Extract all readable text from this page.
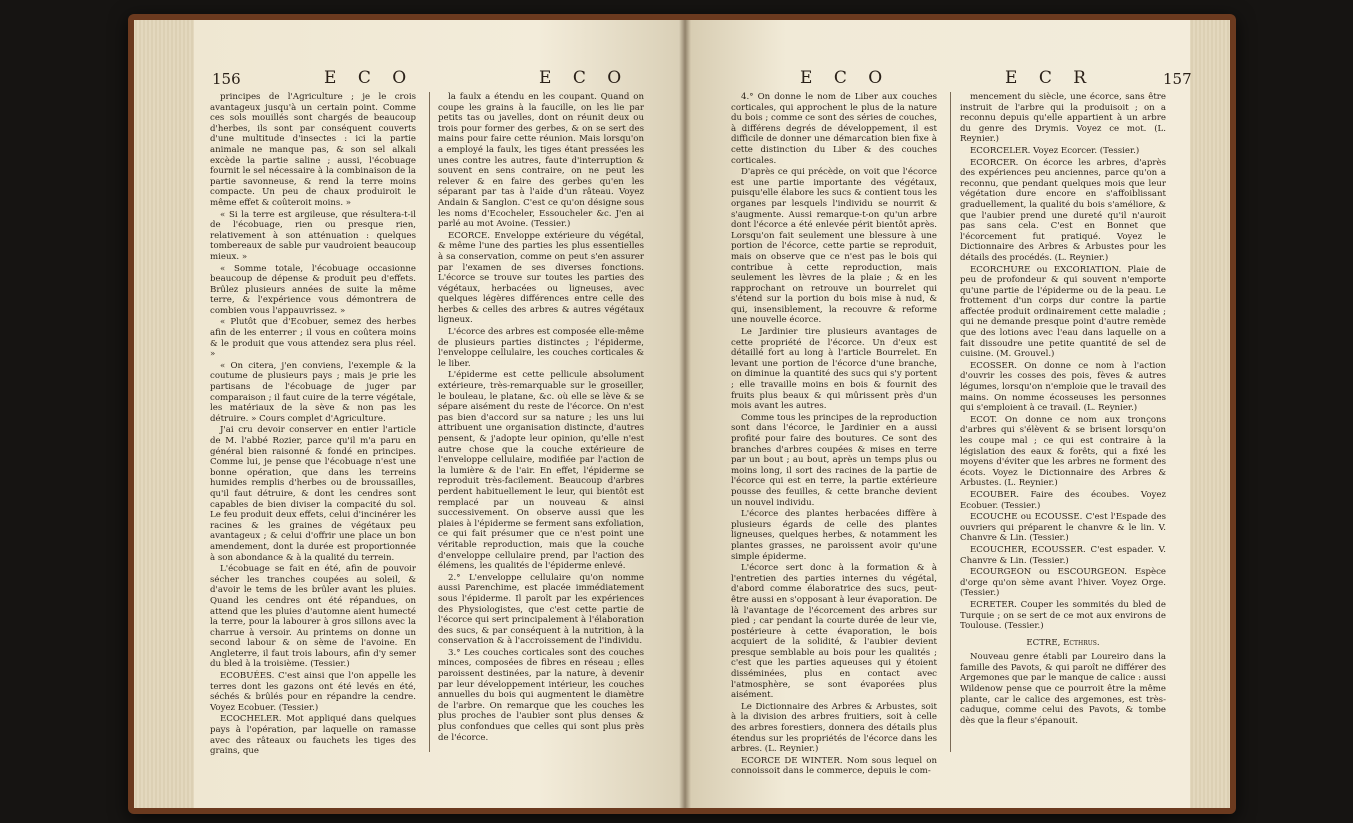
156	E C O	E C O

principes de l'Agriculture ; je le crois avantageux jusqu'à un certain point. Comme ces sols mouillés sont chargés de beaucoup d'herbes, ils sont par conséquent couverts d'une multitude d'insectes : ici la partie animale ne manque pas, & son sel alkali excède la partie saline ; aussi, l'écobuage fournit le sel nécessaire à la combinaison de la partie savonneuse, & rend la terre moins compacte. Un peu de chaux produiroit le même effet & coûteroit moins. »

« Si la terre est argileuse, que résultera-t-il de l'écobuage, rien ou presque rien, relativement à son atténuation : quelques tombereaux de sable pur vaudroient beaucoup mieux. »

« Somme totale, l'écobuage occasionne beaucoup de dépense & produit peu d'effets. Brûlez plusieurs années de suite la même terre, & l'expérience vous démontrera de combien vous l'appauvrissez. »

« Plutôt que d'Ecobuer, semez des herbes afin de les enterrer ; il vous en coûtera moins & le produit que vous attendez sera plus réel. »

« On citera, j'en conviens, l'exemple & la coutume de plusieurs pays ; mais je prie les partisans de l'écobuage de juger par comparaison ; il faut cuire de la terre végétale, les matériaux de la sève & non pas les détruire. » Cours complet d'Agriculture.

J'ai cru devoir conserver en entier l'article de M. l'abbé Rozier, parce qu'il m'a paru en général bien raisonné & fondé en principes. Comme lui, je pense que l'écobuage n'est une bonne opération, que dans les terreins humides remplis d'herbes ou de broussailles, qu'il faut détruire, & dont les cendres sont capables de bien diviser la compacité du sol. Le feu produit deux effets, celui d'incinérer les racines & les graines de végétaux peu avantageux ; & celui d'offrir une place un bon amendement, dont la durée est proportionnée à son abondance & à la qualité du terrein.

L'écobuage se fait en été, afin de pouvoir sécher les tranches coupées au soleil, & d'avoir le tems de les brûler avant les pluies. Quand les cendres ont été répandues, on attend que les pluies d'automne aient humecté la terre, pour la labourer à gros sillons avec la charrue à versoir. Au printems on donne un second labour & on sème de l'avoine. En Angleterre, il faut trois labours, afin d'y semer du bled à la troisième. (Tessier.)

ECOBUÉES. C'est ainsi que l'on appelle les terres dont les gazons ont été levés en été, séchés & brûlés pour en répandre la cendre. Voyez Ecobuer. (Tessier.)

ECOCHELER. Mot appliqué dans quelques pays à l'opération, par laquelle on ramasse avec des râteaux ou fauchets les tiges des grains, que

la faulx a étendu en les coupant. Quand on coupe les grains à la faucille, on les lie par petits tas ou javelles, dont on réunit deux ou trois pour former des gerbes, & on se sert des mains pour faire cette réunion. Mais lorsqu'on a employé la faulx, les tiges étant pressées les unes contre les autres, faute d'interruption & souvent en sens contraire, on ne peut les relever & en faire des gerbes qu'en les séparant par tas à l'aide d'un râteau. Voyez Andain & Sanglon. C'est ce qu'on désigne sous les noms d'Ecocheler, Essoucheler &c. J'en ai parlé au mot Avoine. (Tessier.)

ECORCE. Enveloppe extérieure du végétal, & même l'une des parties les plus essentielles à sa conservation, comme on peut s'en assurer par l'examen de ses diverses fonctions. L'écorce se trouve sur toutes les parties des végétaux, herbacées ou ligneuses, avec quelques légères différences entre celle des herbes & celles des arbres & autres végétaux ligneux.

L'écorce des arbres est composée elle-même de plusieurs parties distinctes ; l'épiderme, l'enveloppe cellulaire, les couches corticales & le liber.

L'épiderme est cette pellicule absolument extérieure, très-remarquable sur le groseiller, le bouleau, le platane, &c. où elle se lève & se sépare aisément du reste de l'écorce. On n'est pas bien d'accord sur sa nature ; les uns lui attribuent une organisation distincte, d'autres pensent, & j'adopte leur opinion, qu'elle n'est autre chose que la couche extérieure de l'enveloppe cellulaire, modifiée par l'action de la lumière & de l'air. En effet, l'épiderme se reproduit très-facilement. Beaucoup d'arbres perdent habituellement le leur, qui bientôt est remplacé par un nouveau & ainsi successivement. On observe aussi que les plaies à l'épiderme se ferment sans exfoliation, ce qui fait présumer que ce n'est point une véritable reproduction, mais que la couche d'enveloppe cellulaire prend, par l'action des élémens, les qualités de l'épiderme enlevé.

2.° L'enveloppe cellulaire qu'on nomme aussi Parenchime, est placée immédiatement sous l'épiderme. Il paroît par les expériences des Physiologistes, que c'est cette partie de l'écorce qui sert principalement à l'élaboration des sucs, & par conséquent à la nutrition, à la conservation & à l'accroissement de l'individu.

3.° Les couches corticales sont des couches minces, composées de fibres en réseau ; elles paroissent destinées, par la nature, à devenir par leur développement intérieur, les couches annuelles du bois qui augmentent le diamètre de l'arbre. On remarque que les couches les plus proches de l'aubier sont plus denses & plus confondues que celles qui sont plus près de l'écorce.

157
E C O	E C R

4.° On donne le nom de Liber aux couches corticales, qui approchent le plus de la nature du bois ; comme ce sont des séries de couches, à différens degrés de développement, il est difficile de donner une démarcation bien fixe à cette distinction du Liber & des couches corticales.

D'après ce qui précède, on voit que l'écorce est une partie importante des végétaux, puisqu'elle élabore les sucs & contient tous les organes par lesquels l'individu se nourrit & s'augmente. Aussi remarque-t-on qu'un arbre dont l'écorce a été enlevée périt bientôt après. Lorsqu'on fait seulement une blessure à une portion de l'écorce, cette partie se reproduit, mais on observe que ce n'est pas le bois qui contribue à cette reproduction, mais seulement les lèvres de la plaie ; & en les rapprochant on retrouve un bourrelet qui s'étend sur la portion du bois mise à nud, & qui, insensiblement, la recouvre & reforme une nouvelle écorce.

Le Jardinier tire plusieurs avantages de cette propriété de l'écorce. Un d'eux est détaillé fort au long à l'article Bourrelet. En levant une portion de l'écorce d'une branche, on diminue la quantité des sucs qui s'y portent ; elle travaille moins en bois & fournit des fruits plus beaux & qui mûrissent près d'un mois avant les autres.

Comme tous les principes de la reproduction sont dans l'écorce, le Jardinier en a aussi profité pour faire des boutures. Ce sont des branches d'arbres coupées & mises en terre par un bout ; au bout, après un temps plus ou moins long, il sort des racines de la partie de l'écorce qui est en terre, la partie extérieure pousse des feuilles, & cette branche devient un nouvel individu.

L'écorce des plantes herbacées diffère à plusieurs égards de celle des plantes ligneuses, quelques herbes, & notamment les plantes grasses, ne paroissent avoir qu'une simple épiderme.

L'écorce sert donc à la formation & à l'entretien des parties internes du végétal, d'abord comme élaboratrice des sucs, peut-être aussi en s'opposant à leur évaporation. De là l'avantage de l'écorcement des arbres sur pied ; car pendant la courte durée de leur vie, postérieure à cette évaporation, le bois acquiert de la solidité, & l'aubier devient presque semblable au bois pour les qualités ; c'est que les parties aqueuses qui y étoient disséminées, plus en contact avec l'atmosphère, se sont évaporées plus aisément.

Le Dictionnaire des Arbres & Arbustes, soit à la division des arbres fruitiers, soit à celle des arbres forestiers, donnera des détails plus étendus sur les propriétés de l'écorce dans les arbres. (L. Reynier.)

ECORCE DE WINTER. Nom sous lequel on connoissoit dans le commerce, depuis le com-

mencement du siècle, une écorce, sans être instruit de l'arbre qui la produisoit ; on a reconnu depuis qu'elle appartient à un arbre du genre des Drymis. Voyez ce mot. (L. Reynier.)

ECORCELER. Voyez Ecorcer. (Tessier.)

ECORCER. On écorce les arbres, d'après des expériences peu anciennes, parce qu'on a reconnu, que pendant quelques mois que leur végétation dure encore en s'affoiblissant graduellement, la qualité du bois s'améliore, & que l'aubier prend une dureté qu'il n'auroit pas sans cela. C'est en Bonnet que l'écorcement fut pratiqué. Voyez le Dictionnaire des Arbres & Arbustes pour les détails des procédés. (L. Reynier.)

ECORCHURE ou EXCORIATION. Plaie de peu de profondeur & qui souvent n'emporte qu'une partie de l'épiderme ou de la peau. Le frottement d'un corps dur contre la partie affectée produit ordinairement cette maladie ; qui ne demande presque point d'autre remède que des lotions avec l'eau dans laquelle on a fait dissoudre une petite quantité de sel de cuisine. (M. Grouvel.)

ECOSSER. On donne ce nom à l'action d'ouvrir les cosses des pois, fèves & autres légumes, lorsqu'on n'emploie que le travail des mains. On nomme écosseuses les personnes qui s'emploient à ce travail. (L. Reynier.)

ECOT. On donne ce nom aux tronçons d'arbres qui s'élèvent & se brisent lorsqu'on les coupe mal ; ce qui est contraire à la législation des eaux & forêts, qui a fixé les moyens d'éviter que les arbres ne forment des écots. Voyez le Dictionnaire des Arbres & Arbustes. (L. Reynier.)

ECOUBER. Faire des écoubes. Voyez Ecobuer. (Tessier.)

ECOUCHE ou ECOUSSE. C'est l'Espade des ouvriers qui préparent le chanvre & le lin. V. Chanvre & Lin. (Tessier.)

ECOUCHER, ECOUSSER. C'est espader. V. Chanvre & Lin. (Tessier.)

ECOURGEON ou ESCOURGEON. Espèce d'orge qu'on sème avant l'hiver. Voyez Orge. (Tessier.)

ECRETER. Couper les sommités du bled de Turquie ; on se sert de ce mot aux environs de Toulouse. (Tessier.)

ECTRE, Ecthrus.

Nouveau genre établi par Loureiro dans la famille des Pavots, & qui paroît ne différer des Argemones que par le manque de calice : aussi Wildenow pense que ce pourroit être la même plante, car le calice des argemones, est très-caduque, comme celui des Pavots, & tombe dès que la fleur s'épanouit.
